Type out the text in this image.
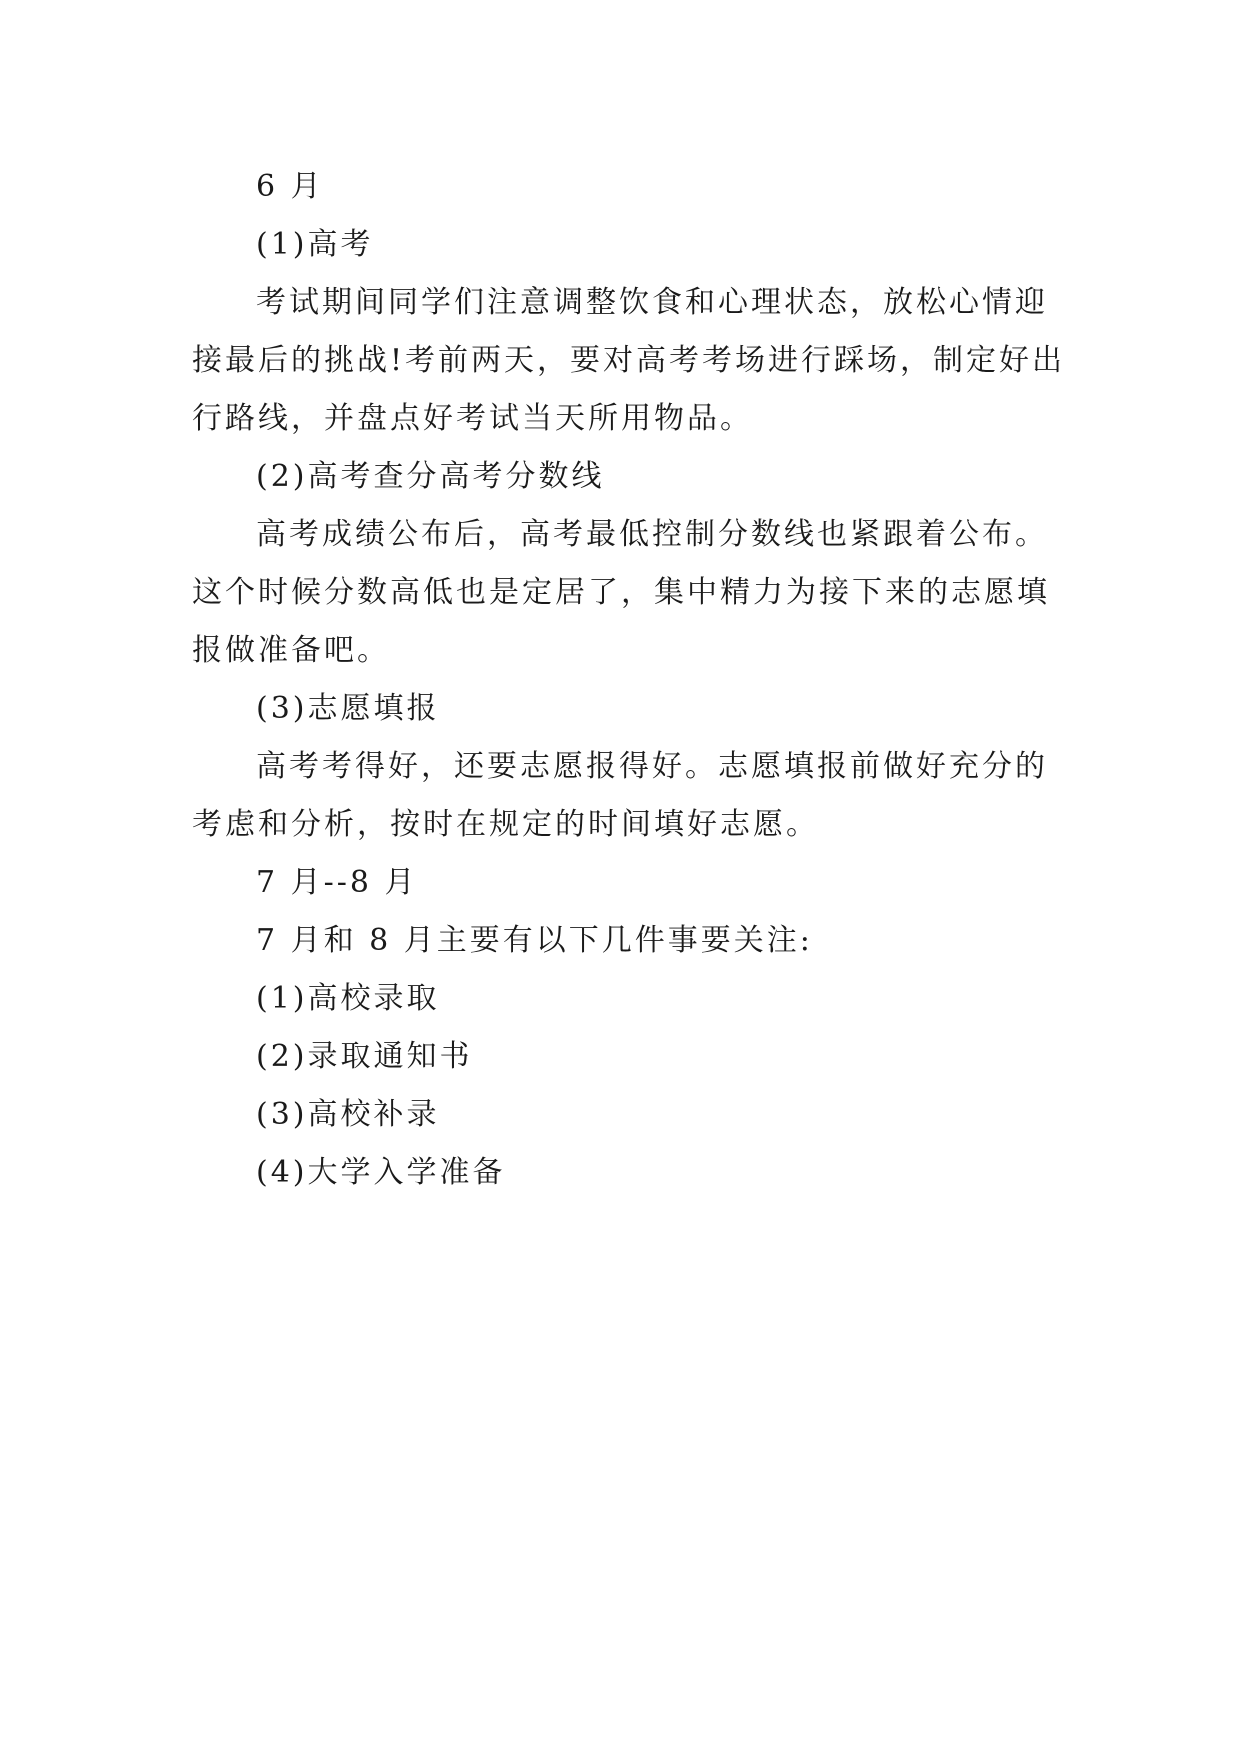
6 月

(1)高考

考试期间同学们注意调整饮食和心理状态，放松心情迎接最后的挑战!考前两天，要对高考考场进行踩场，制定好出行路线，并盘点好考试当天所用物品。

(2)高考查分高考分数线

高考成绩公布后，高考最低控制分数线也紧跟着公布。这个时候分数高低也是定居了，集中精力为接下来的志愿填报做准备吧。

(3)志愿填报

高考考得好，还要志愿报得好。志愿填报前做好充分的考虑和分析，按时在规定的时间填好志愿。

7 月--8 月

7 月和 8 月主要有以下几件事要关注:

(1)高校录取

(2)录取通知书

(3)高校补录

(4)大学入学准备
